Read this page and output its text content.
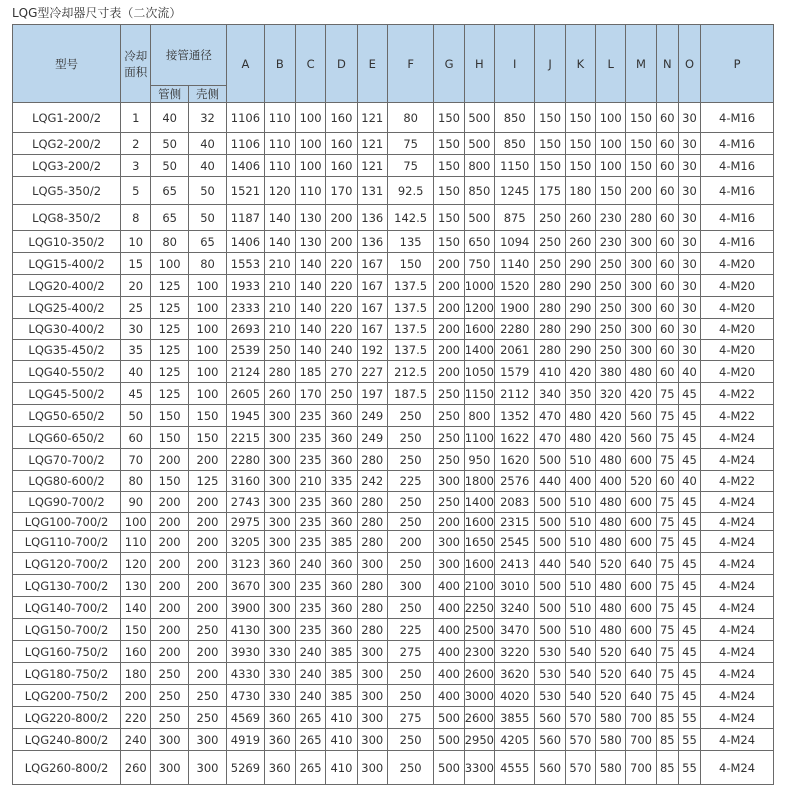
LQG型冷却器尺寸表（二次流）
型号	冷却面积	接管通径		A	B	C	D	E	F	G	H	I	J	K	L	M	N	O	P
		管侧	壳侧																
LQG1-200/2	1	40	32	1106	110	100	160	121	80	150	500	850	150	150	100	150	60	30	4-M16
LQG2-200/2	2	50	40	1106	110	100	160	121	75	150	500	850	150	150	100	150	60	30	4-M16
LQG3-200/2	3	50	40	1406	110	100	160	121	75	150	800	1150	150	150	100	150	60	30	4-M16
LQG5-350/2	5	65	50	1521	120	110	170	131	92.5	150	850	1245	175	180	150	200	60	30	4-M16
LQG8-350/2	8	65	50	1187	140	130	200	136	142.5	150	500	875	250	260	230	280	60	30	4-M16
LQG10-350/2	10	80	65	1406	140	130	200	136	135	150	650	1094	250	260	230	300	60	30	4-M16
LQG15-400/2	15	100	80	1553	210	140	220	167	150	200	750	1140	250	290	250	300	60	30	4-M20
LQG20-400/2	20	125	100	1933	210	140	220	167	137.5	200	1000	1520	280	290	250	300	60	30	4-M20
LQG25-400/2	25	125	100	2333	210	140	220	167	137.5	200	1200	1900	280	290	250	300	60	30	4-M20
LQG30-400/2	30	125	100	2693	210	140	220	167	137.5	200	1600	2280	280	290	250	300	60	30	4-M20
LQG35-450/2	35	125	100	2539	250	140	240	192	137.5	200	1400	2061	280	290	250	300	60	30	4-M20
LQG40-550/2	40	125	100	2124	280	185	270	227	212.5	200	1050	1579	410	420	380	480	60	40	4-M20
LQG45-500/2	45	125	100	2605	260	170	250	197	187.5	250	1150	2112	340	350	320	420	75	45	4-M22
LQG50-650/2	50	150	150	1945	300	235	360	249	250	250	800	1352	470	480	420	560	75	45	4-M22
LQG60-650/2	60	150	150	2215	300	235	360	249	250	250	1100	1622	470	480	420	560	75	45	4-M24
LQG70-700/2	70	200	200	2280	300	235	360	280	250	250	950	1620	500	510	480	600	75	45	4-M24
LQG80-600/2	80	150	125	3160	300	210	335	242	225	300	1800	2576	440	400	400	520	60	40	4-M22
LQG90-700/2	90	200	200	2743	300	235	360	280	250	250	1400	2083	500	510	480	600	75	45	4-M24
LQG100-700/2	100	200	200	2975	300	235	360	280	250	200	1600	2315	500	510	480	600	75	45	4-M24
LQG110-700/2	110	200	200	3205	300	235	385	280	200	300	1650	2545	500	510	480	600	75	45	4-M24
LQG120-700/2	120	200	200	3123	360	240	360	300	250	300	1600	2413	440	540	520	640	75	45	4-M24
LQG130-700/2	130	200	200	3670	300	235	360	280	300	400	2100	3010	500	510	480	600	75	45	4-M24
LQG140-700/2	140	200	200	3900	300	235	360	280	250	400	2250	3240	500	510	480	600	75	45	4-M24
LQG150-700/2	150	200	250	4130	300	235	360	280	225	400	2500	3470	500	510	480	600	75	45	4-M24
LQG160-750/2	160	200	200	3930	330	240	385	300	275	400	2300	3220	530	540	520	640	75	45	4-M24
LQG180-750/2	180	250	200	4330	330	240	385	300	250	400	2600	3620	530	540	520	640	75	45	4-M24
LQG200-750/2	200	250	250	4730	330	240	385	300	250	400	3000	4020	530	540	520	640	75	45	4-M24
LQG220-800/2	220	250	250	4569	360	265	410	300	275	500	2600	3855	560	570	580	700	85	55	4-M24
LQG240-800/2	240	300	300	4919	360	265	410	300	250	500	2950	4205	560	570	580	700	85	55	4-M24
LQG260-800/2	260	300	300	5269	360	265	410	300	250	500	3300	4555	560	570	580	700	85	55	4-M24
